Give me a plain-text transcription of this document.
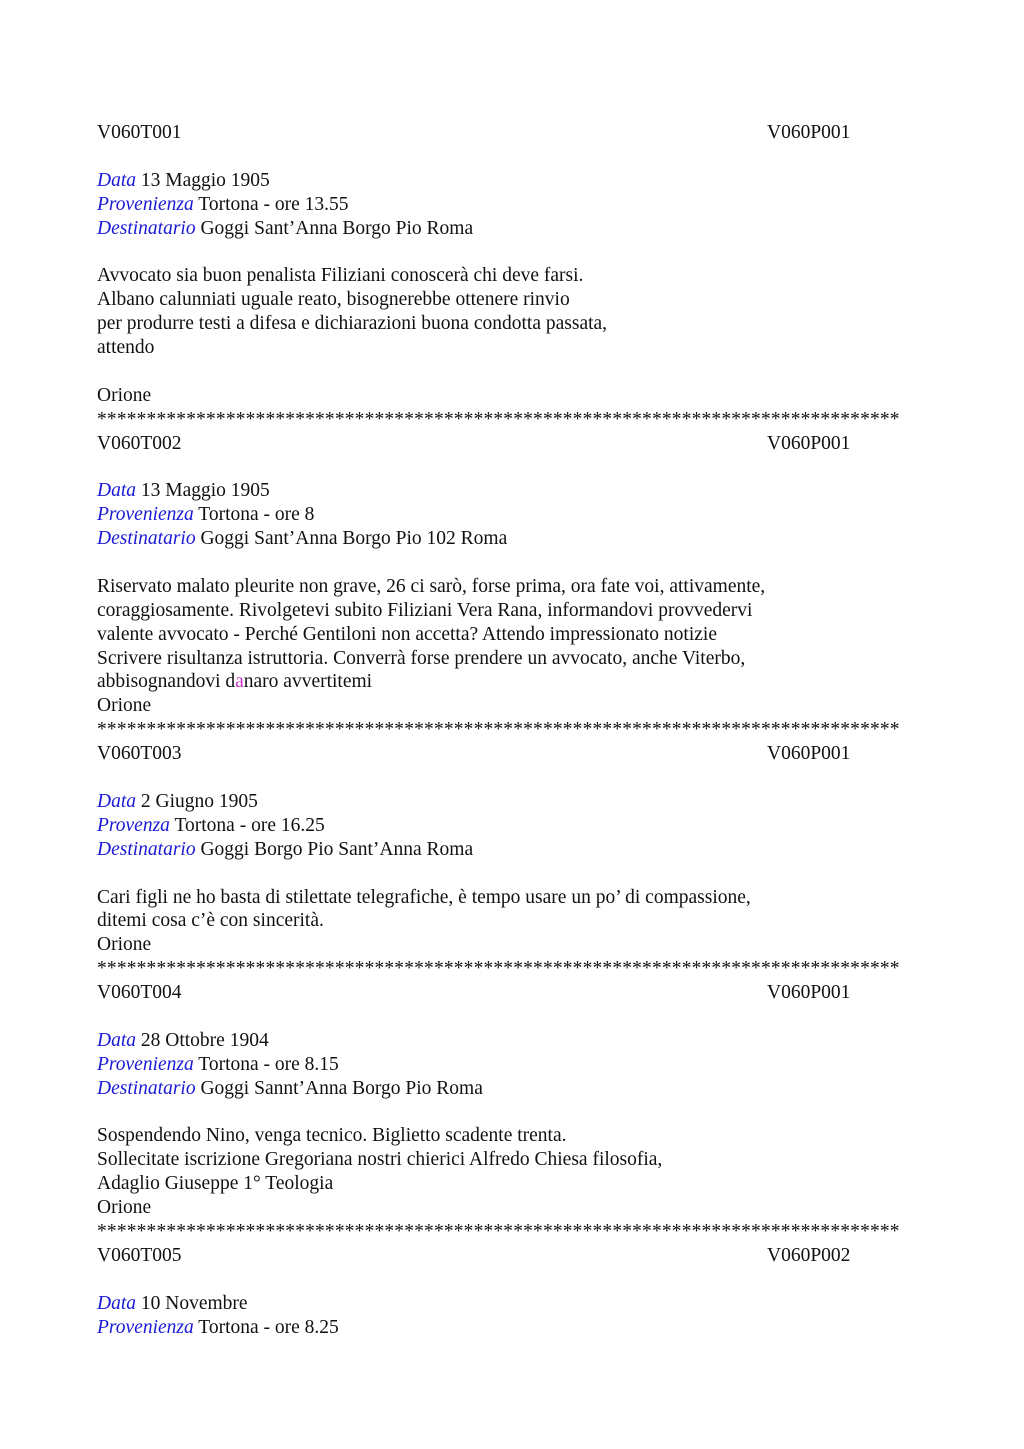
V060T001	V060P001
Data 13 Maggio 1905
Provenienza Tortona - ore 13.55
Destinatario Goggi Sant’Anna Borgo Pio Roma
Avvocato sia buon penalista Filiziani conoscerà chi deve farsi.
Albano calunniati uguale reato, bisognerebbe ottenere rinvio
per produrre testi a difesa e dichiarazioni buona condotta passata,
attendo
Orione
*********************************************************************************
V060T002	V060P001
Data 13 Maggio 1905
Provenienza Tortona - ore 8
Destinatario Goggi Sant’Anna Borgo Pio 102 Roma
Riservato malato pleurite non grave, 26 ci sarò, forse prima, ora fate voi, attivamente,
coraggiosamente. Rivolgetevi subito Filiziani Vera Rana, informandovi provvedervi
valente avvocato - Perché Gentiloni non accetta? Attendo impressionato notizie
Scrivere risultanza istruttoria. Converrà forse prendere un avvocato, anche Viterbo,
abbisognandovi danaro avvertitemi
Orione
*********************************************************************************
V060T003	V060P001
Data 2 Giugno 1905
Provenza Tortona - ore 16.25
Destinatario Goggi Borgo Pio Sant’Anna Roma
Cari figli ne ho basta di stilettate telegrafiche, è tempo usare un po’ di compassione,
ditemi cosa c’è con sincerità.
Orione
*********************************************************************************
V060T004	V060P001
Data 28 Ottobre 1904
Provenienza Tortona - ore 8.15
Destinatario Goggi Sannt’Anna Borgo Pio Roma
Sospendendo Nino, venga tecnico. Biglietto scadente trenta.
Sollecitate iscrizione Gregoriana nostri chierici Alfredo Chiesa filosofia,
Adaglio Giuseppe 1° Teologia
Orione
*********************************************************************************
V060T005	V060P002
Data 10 Novembre
Provenienza Tortona - ore 8.25
